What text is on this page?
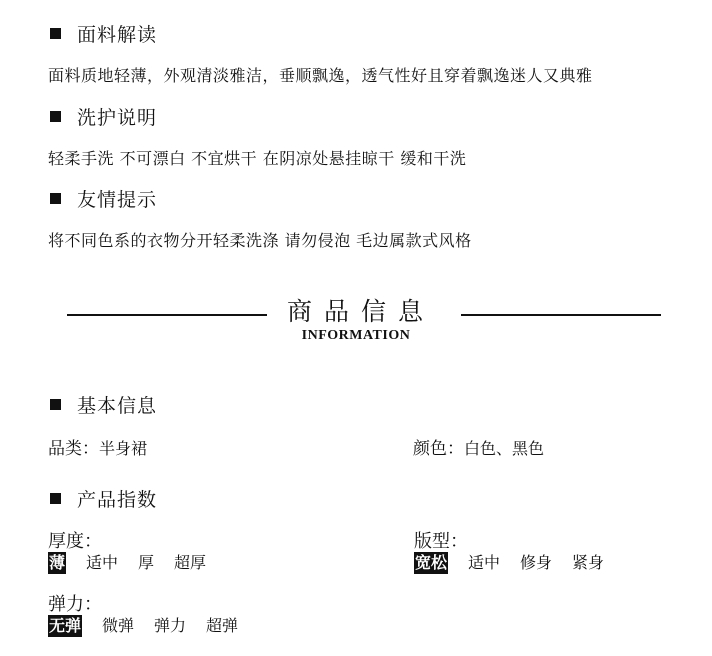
面料解读
面料质地轻薄，外观清淡雅洁，垂顺飘逸，透气性好且穿着飘逸迷人又典雅
洗护说明
轻柔手洗 不可漂白 不宜烘干 在阴凉处悬挂晾干 缓和干洗
友情提示
将不同色系的衣物分开轻柔洗涤 请勿侵泡 毛边属款式风格
商品信息
INFORMATION
基本信息
品类：半身裙	颜色：白色、黑色
产品指数
厚度：
薄 适中 厚 超厚
版型：
宽松 适中 修身 紧身
弹力：
无弹 微弹 弹力 超弹
